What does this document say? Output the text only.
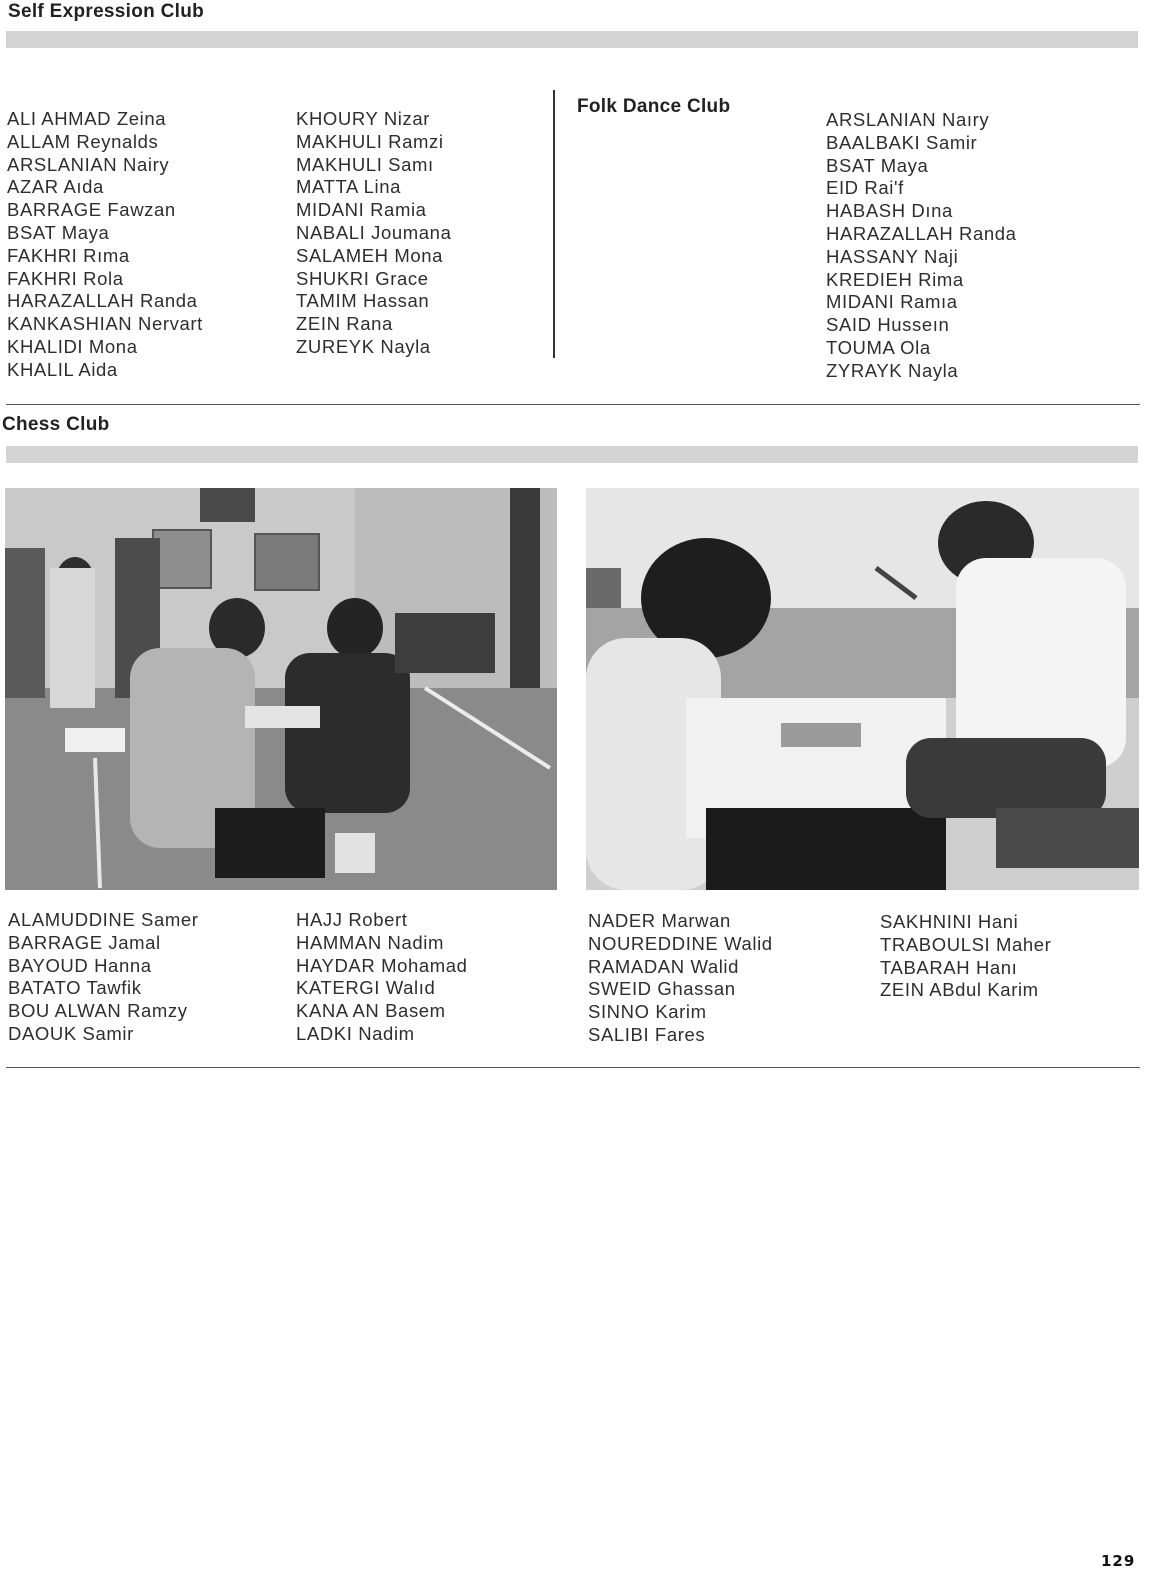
Self Expression Club
ALI AHMAD Zeina
ALLAM Reynalds
ARSLANIAN Nairy
AZAR Aıda
BARRAGE Fawzan
BSAT Maya
FAKHRI Rıma
FAKHRI Rola
HARAZALLAH Randa
KANKASHIAN Nervart
KHALIDI Mona
KHALIL Aida
KHOURY Nizar
MAKHULI Ramzi
MAKHULI Samı
MATTA Lina
MIDANI Ramia
NABALI Joumana
SALAMEH Mona
SHUKRI Grace
TAMIM Hassan
ZEIN Rana
ZUREYK Nayla
Folk Dance Club
ARSLANIAN Naıry
BAALBAKI Samir
BSAT Maya
EID Rai'f
HABASH Dına
HARAZALLAH Randa
HASSANY Naji
KREDIEH Rima
MIDANI Ramıa
SAID Husseın
TOUMA Ola
ZYRAYK Nayla
Chess Club
ALAMUDDINE Samer
BARRAGE Jamal
BAYOUD Hanna
BATATO Tawfik
BOU ALWAN Ramzy
DAOUK Samir
HAJJ Robert
HAMMAN Nadim
HAYDAR Mohamad
KATERGI Walıd
KANA AN Basem
LADKI Nadim
NADER Marwan
NOUREDDINE Walid
RAMADAN Walid
SWEID Ghassan
SINNO Karim
SALIBI Fares
SAKHNINI Hani
TRABOULSI Maher
TABARAH Hanı
ZEIN ABdul Karim
129
